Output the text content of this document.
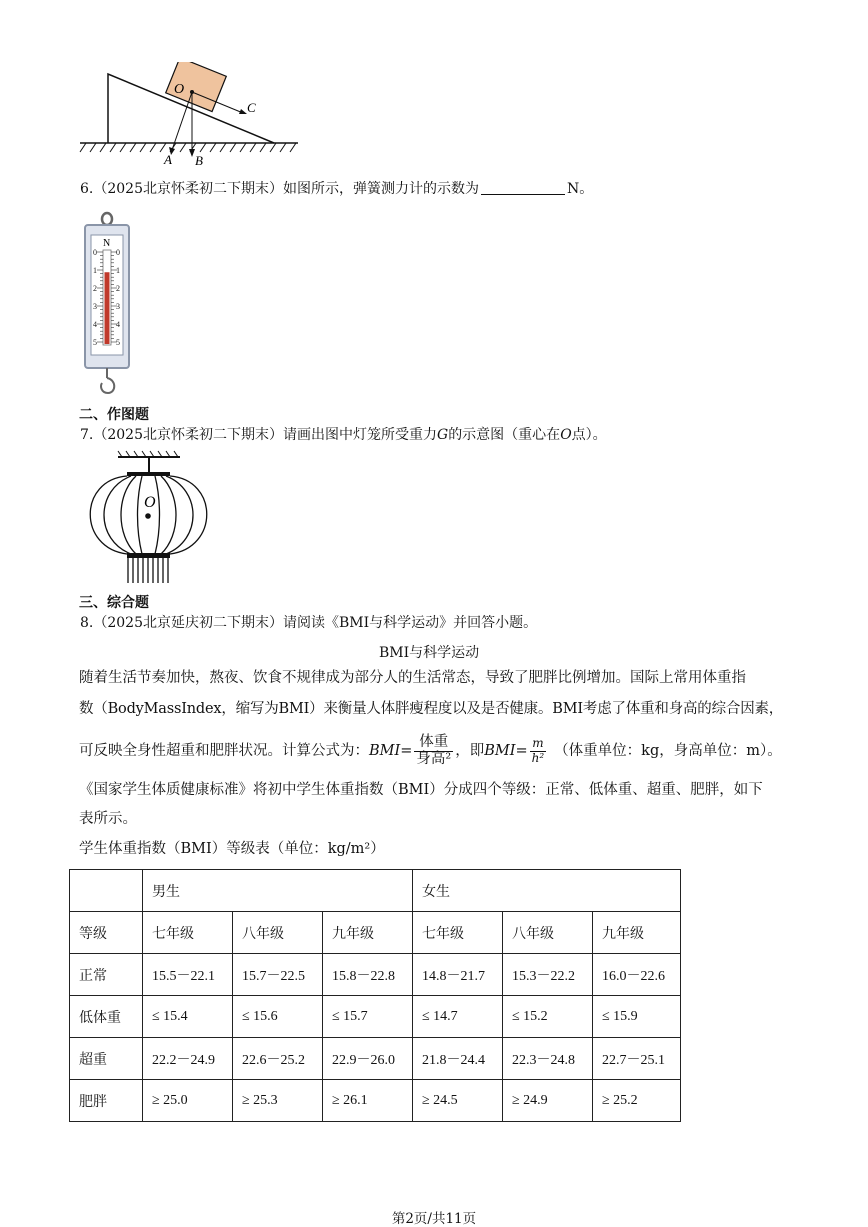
O
C
A B
6.（2025北京怀柔初二下期末）如图所示，弹簧测力计的示数为	N。
N
0
1
2
3
4
5
0
1
2
3
4
5
二、作图题
7.（2025北京怀柔初二下期末）请画出图中灯笼所受重力G的示意图（重心在O点）。
O
三、综合题
8.（2025北京延庆初二下期末）请阅读《BMI与科学运动》并回答小题。
BMI与科学运动
随着生活节奏加快，熬夜、饮食不规律成为部分人的生活常态，导致了肥胖比例增加。国际上常用体重指
数（BodyMassIndex，缩写为BMI）来衡量人体胖瘦程度以及是否健康。BMI考虑了体重和身高的综合因素，
可反映全身性超重和肥胖状况。计算公式为： $BMI= \frac{\text{体重}}{\text{身高²}}$ ，即 $BMI= \frac{m}{\text{h²}}$ （体重单位：kg，身高单位：m）。
《国家学生体质健康标准》将初中学生体重指数（BMI）分成四个等级：正常、低体重、超重、肥胖，如下
表所示。
学生体重指数（BMI）等级表（单位：kg/m²）
	男生			女生		
等级	七年级	八年级	九年级	七年级	八年级	九年级
正常	15.5－22.1	15.7－22.5	15.8－22.8	14.8－21.7	15.3－22.2	16.0－22.6
低体重	≤ 15.4	≤ 15.6	≤ 15.7	≤ 14.7	≤ 15.2	≤ 15.9
超重	22.2－24.9	22.6－25.2	22.9－26.0	21.8－24.4	22.3－24.8	22.7－25.1
肥胖	≥ 25.0	≥ 25.3	≥ 26.1	≥ 24.5	≥ 24.9	≥ 25.2
第2页/共11页
